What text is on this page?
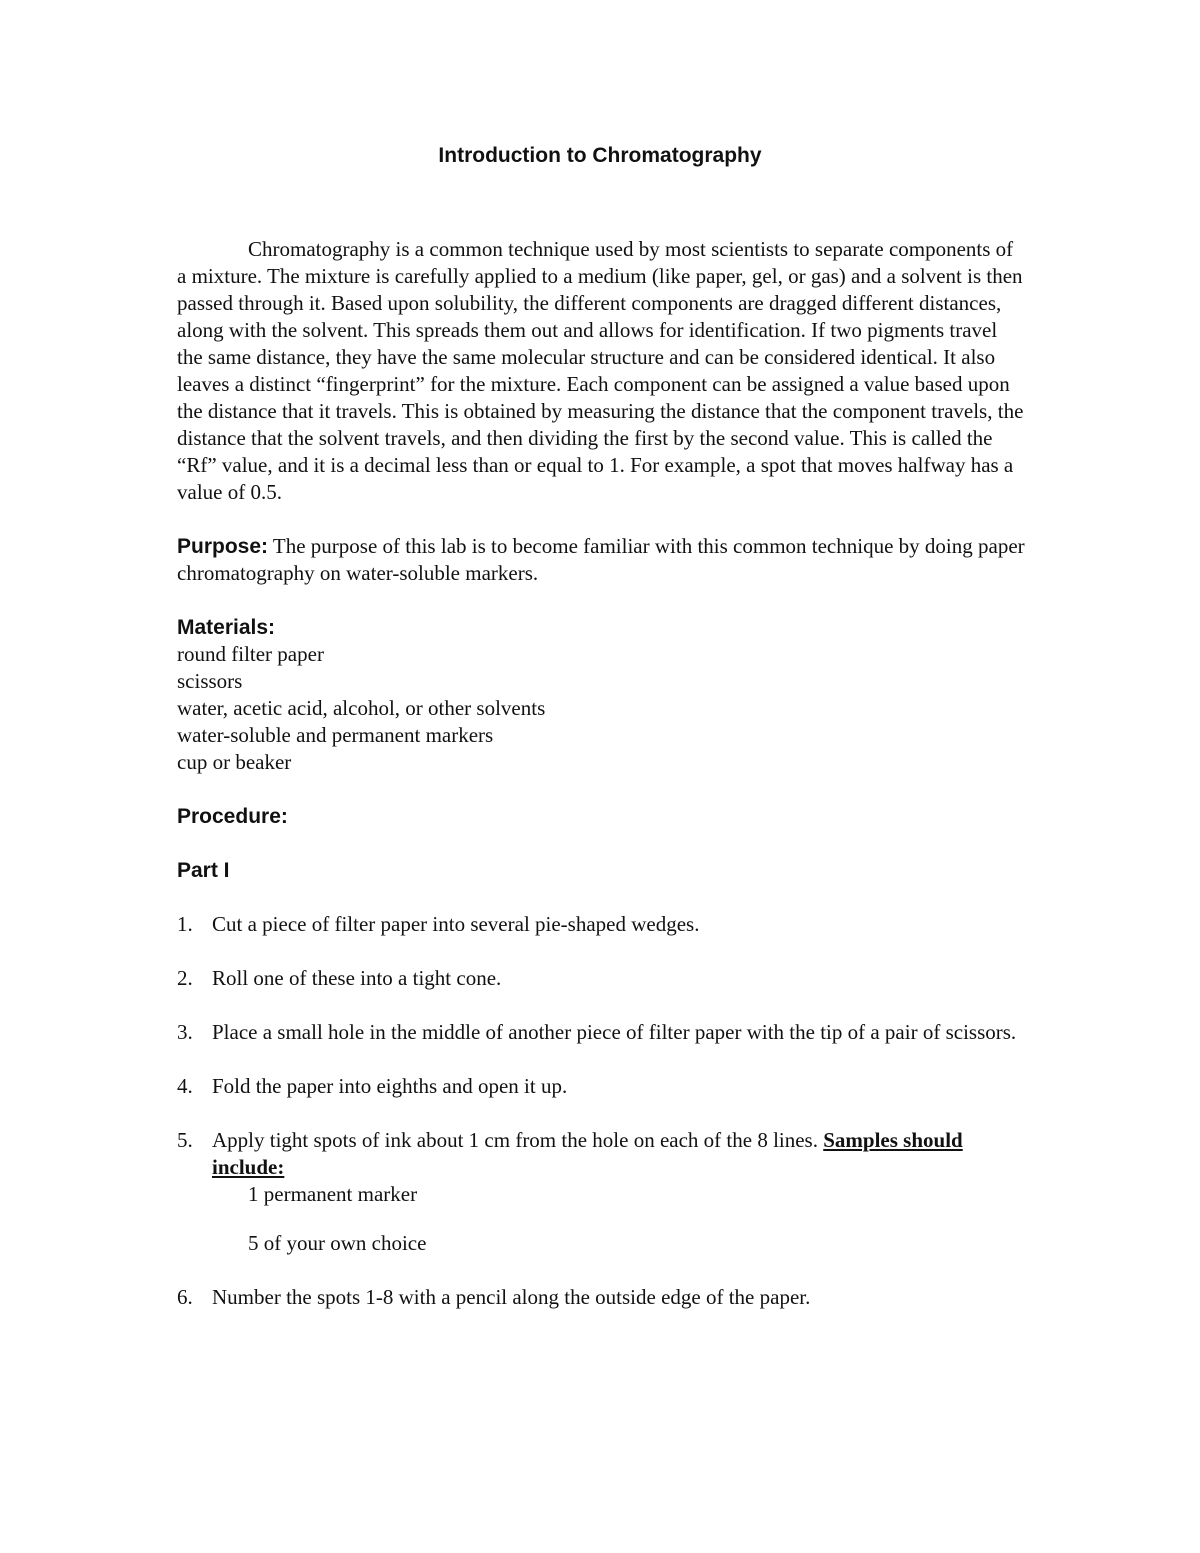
Introduction to Chromatography

Chromatography is a common technique used by most scientists to separate components of a mixture. The mixture is carefully applied to a medium (like paper, gel, or gas) and a solvent is then passed through it. Based upon solubility, the different components are dragged different distances, along with the solvent. This spreads them out and allows for identification. If two pigments travel the same distance, they have the same molecular structure and can be considered identical. It also leaves a distinct “fingerprint” for the mixture. Each component can be assigned a value based upon the distance that it travels. This is obtained by measuring the distance that the component travels, the distance that the solvent travels, and then dividing the first by the second value. This is called the “Rf” value, and it is a decimal less than or equal to 1. For example, a spot that moves halfway has a value of 0.5.

Purpose: The purpose of this lab is to become familiar with this common technique by doing paper chromatography on water-soluble markers.

Materials:
round filter paper
scissors
water, acetic acid, alcohol, or other solvents
water-soluble and permanent markers
cup or beaker
Procedure:
Part I
1. Cut a piece of filter paper into several pie-shaped wedges.
2. Roll one of these into a tight cone.
3. Place a small hole in the middle of another piece of filter paper with the tip of a pair of scissors.
4. Fold the paper into eighths and open it up.
5. Apply tight spots of ink about 1 cm from the hole on each of the 8 lines. Samples should include:
1 permanent marker
5 of your own choice
6. Number the spots 1-8 with a pencil along the outside edge of the paper.
